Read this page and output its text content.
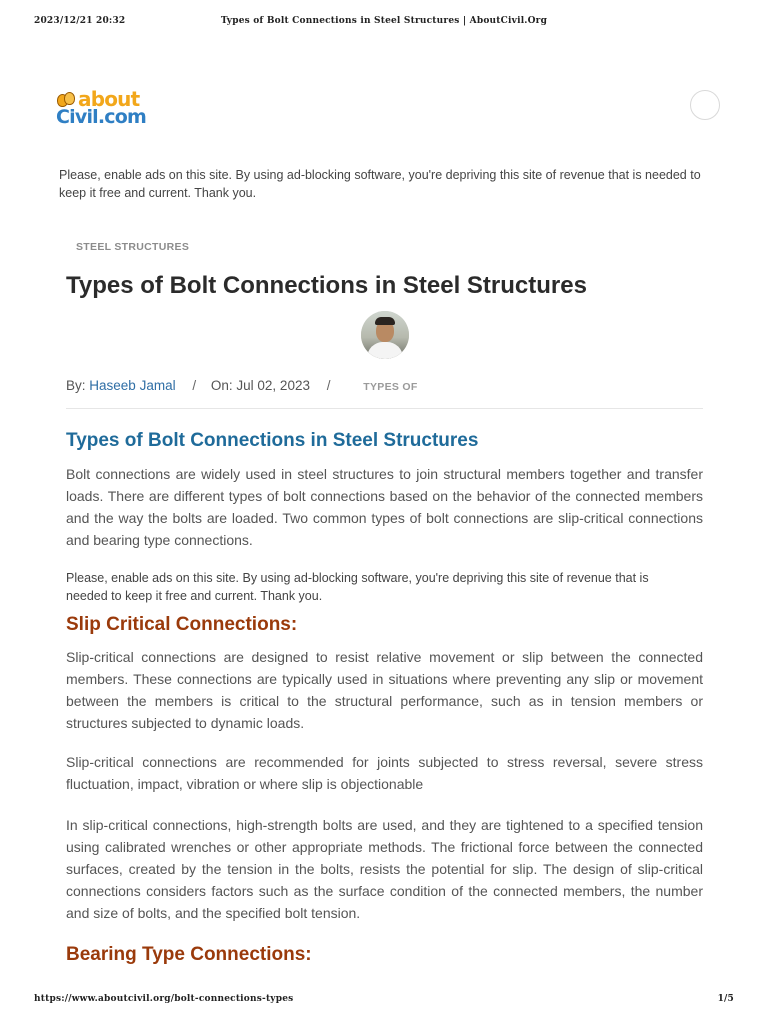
2023/12/21 20:32	Types of Bolt Connections in Steel Structures | AboutCivil.Org
about
Civil.com
Please, enable ads on this site. By using ad-blocking software, you're depriving this site of revenue that is needed to keep it free and current. Thank you.
STEEL STRUCTURES
Types of Bolt Connections in Steel Structures
By: Haseeb Jamal / On: Jul 02, 2023 /	TYPES OF
Types of Bolt Connections in Steel Structures

Bolt connections are widely used in steel structures to join structural members together and transfer loads. There are different types of bolt connections based on the behavior of the connected members and the way the bolts are loaded. Two common types of bolt connections are slip-critical connections and bearing type connections.

Please, enable ads on this site. By using ad-blocking software, you're depriving this site of revenue that is needed to keep it free and current. Thank you.
Slip Critical Connections:

Slip-critical connections are designed to resist relative movement or slip between the connected members. These connections are typically used in situations where preventing any slip or movement between the members is critical to the structural performance, such as in tension members or structures subjected to dynamic loads.

Slip-critical connections are recommended for joints subjected to stress reversal, severe stress fluctuation, impact, vibration or where slip is objectionable

In slip-critical connections, high-strength bolts are used, and they are tightened to a specified tension using calibrated wrenches or other appropriate methods. The frictional force between the connected surfaces, created by the tension in the bolts, resists the potential for slip. The design of slip-critical connections considers factors such as the surface condition of the connected members, the number and size of bolts, and the specified bolt tension.

Bearing Type Connections:
https://www.aboutcivil.org/bolt-connections-types	1/5
